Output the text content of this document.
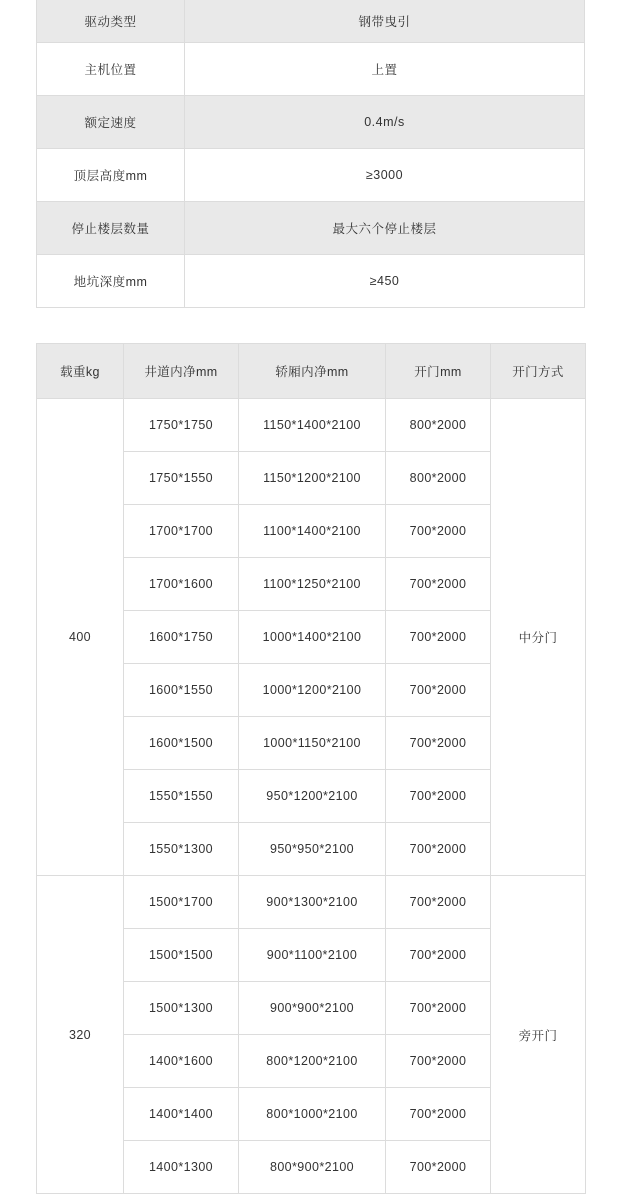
驱动类型	钢带曳引
主机位置	上置
额定速度	0.4m/s
顶层高度mm	≥3000
停止楼层数量	最大六个停止楼层
地坑深度mm	≥450
载重kg	井道内净mm	轿厢内净mm	开门mm	开门方式
400	1750*1750	1150*1400*2100	800*2000	中分门
	1750*1550	1150*1200*2100	800*2000	
	1700*1700	1100*1400*2100	700*2000	
	1700*1600	1100*1250*2100	700*2000	
	1600*1750	1000*1400*2100	700*2000	
	1600*1550	1000*1200*2100	700*2000	
	1600*1500	1000*1150*2100	700*2000	
	1550*1550	950*1200*2100	700*2000	
	1550*1300	950*950*2100	700*2000	
320	1500*1700	900*1300*2100	700*2000	旁开门
	1500*1500	900*1100*2100	700*2000	
	1500*1300	900*900*2100	700*2000	
	1400*1600	800*1200*2100	700*2000	
	1400*1400	800*1000*2100	700*2000	
	1400*1300	800*900*2100	700*2000	
